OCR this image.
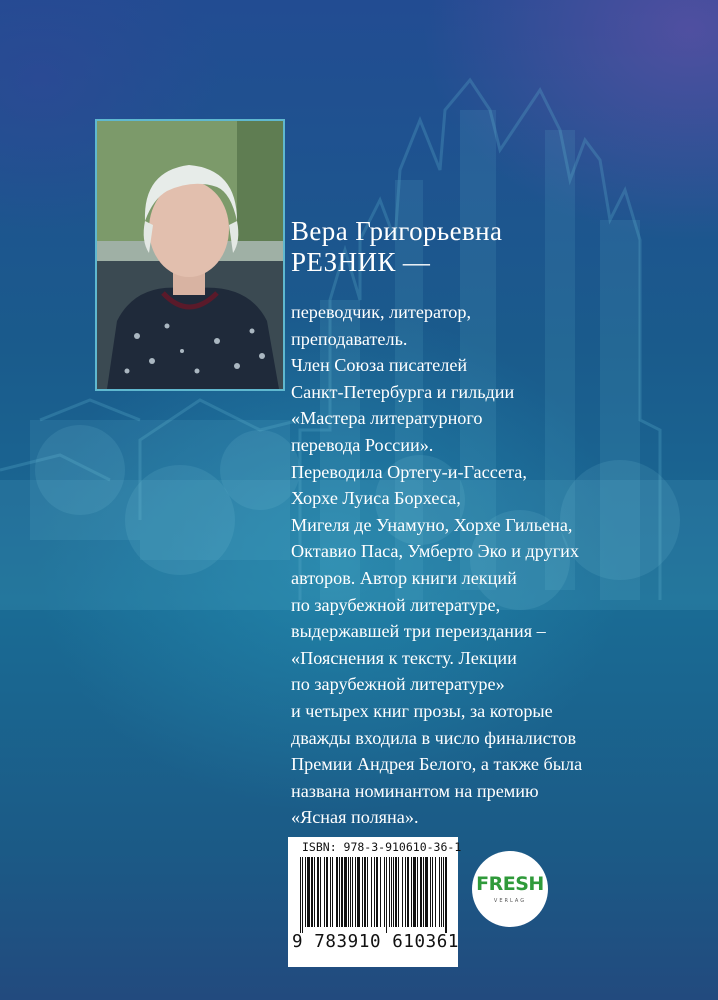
Вера Григорьевна
РЕЗНИК —
переводчик, литератор,
преподаватель.
Член Союза писателей
Санкт-Петербурга и гильдии
«Мастера литературного
перевода России».
Переводила Ортегу-и-Гассета,
Хорхе Луиса Борхеса,
Мигеля де Унамуно, Хорхе Гильена,
Октавио Паса, Умберто Эко и других
авторов. Автор книги лекций
по зарубежной литературе,
выдержавшей три переиздания –
«Пояснения к тексту. Лекции
по зарубежной литературе»
и четырех книг прозы, за которые
дважды входила в число финалистов
Премии Андрея Белого, а также была
названа номинантом на премию
«Ясная поляна».
ISBN: 978-3-910610-36-1
9 783910 610361
FRESH
VERLAG
